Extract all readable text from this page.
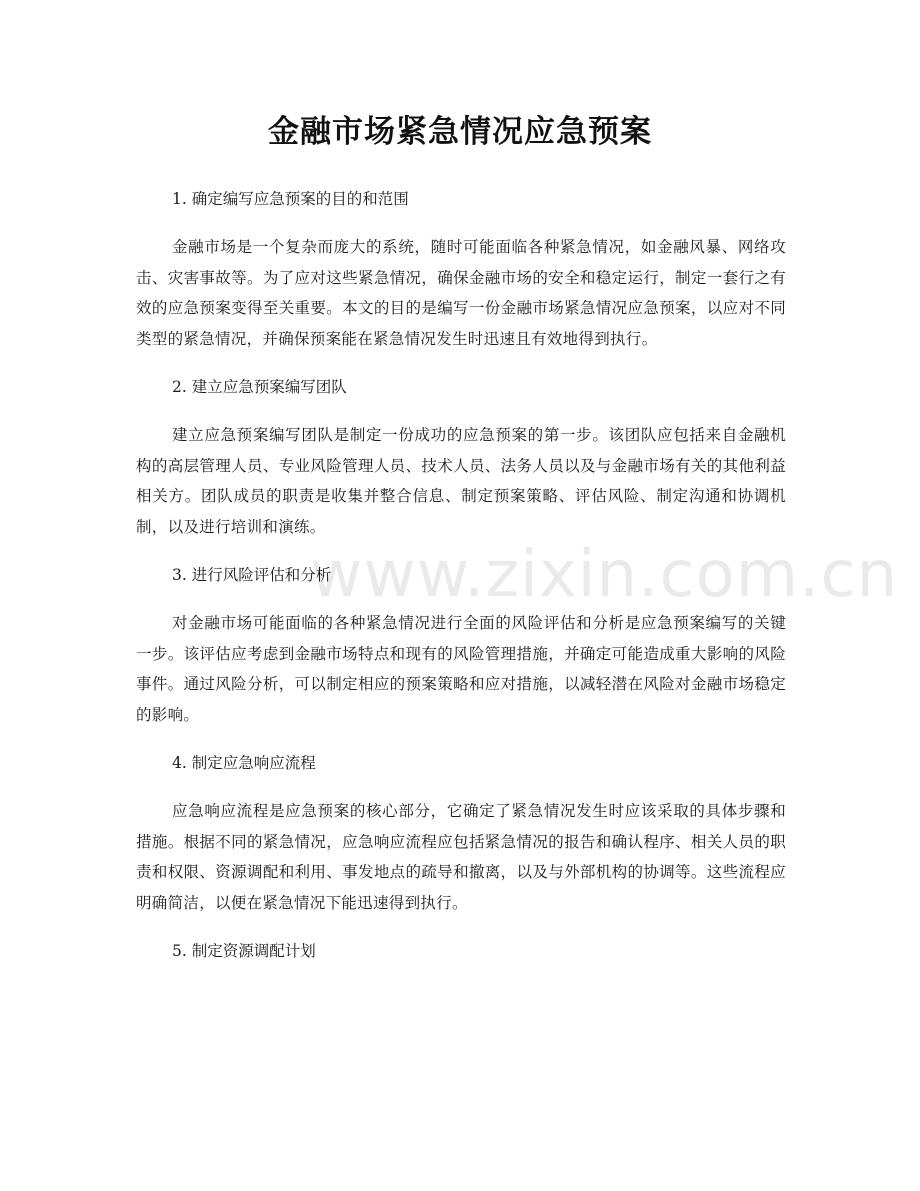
金融市场紧急情况应急预案
www.zixin.com.cn

1. 确定编写应急预案的目的和范围

金融市场是一个复杂而庞大的系统，随时可能面临各种紧急情况，如金融风暴、网络攻击、灾害事故等。为了应对这些紧急情况，确保金融市场的安全和稳定运行，制定一套行之有效的应急预案变得至关重要。本文的目的是编写一份金融市场紧急情况应急预案，以应对不同类型的紧急情况，并确保预案能在紧急情况发生时迅速且有效地得到执行。

2. 建立应急预案编写团队

建立应急预案编写团队是制定一份成功的应急预案的第一步。该团队应包括来自金融机构的高层管理人员、专业风险管理人员、技术人员、法务人员以及与金融市场有关的其他利益相关方。团队成员的职责是收集并整合信息、制定预案策略、评估风险、制定沟通和协调机制，以及进行培训和演练。

3. 进行风险评估和分析

对金融市场可能面临的各种紧急情况进行全面的风险评估和分析是应急预案编写的关键一步。该评估应考虑到金融市场特点和现有的风险管理措施，并确定可能造成重大影响的风险事件。通过风险分析，可以制定相应的预案策略和应对措施，以减轻潜在风险对金融市场稳定的影响。

4. 制定应急响应流程

应急响应流程是应急预案的核心部分，它确定了紧急情况发生时应该采取的具体步骤和措施。根据不同的紧急情况，应急响应流程应包括紧急情况的报告和确认程序、相关人员的职责和权限、资源调配和利用、事发地点的疏导和撤离，以及与外部机构的协调等。这些流程应明确简洁，以便在紧急情况下能迅速得到执行。

5. 制定资源调配计划
